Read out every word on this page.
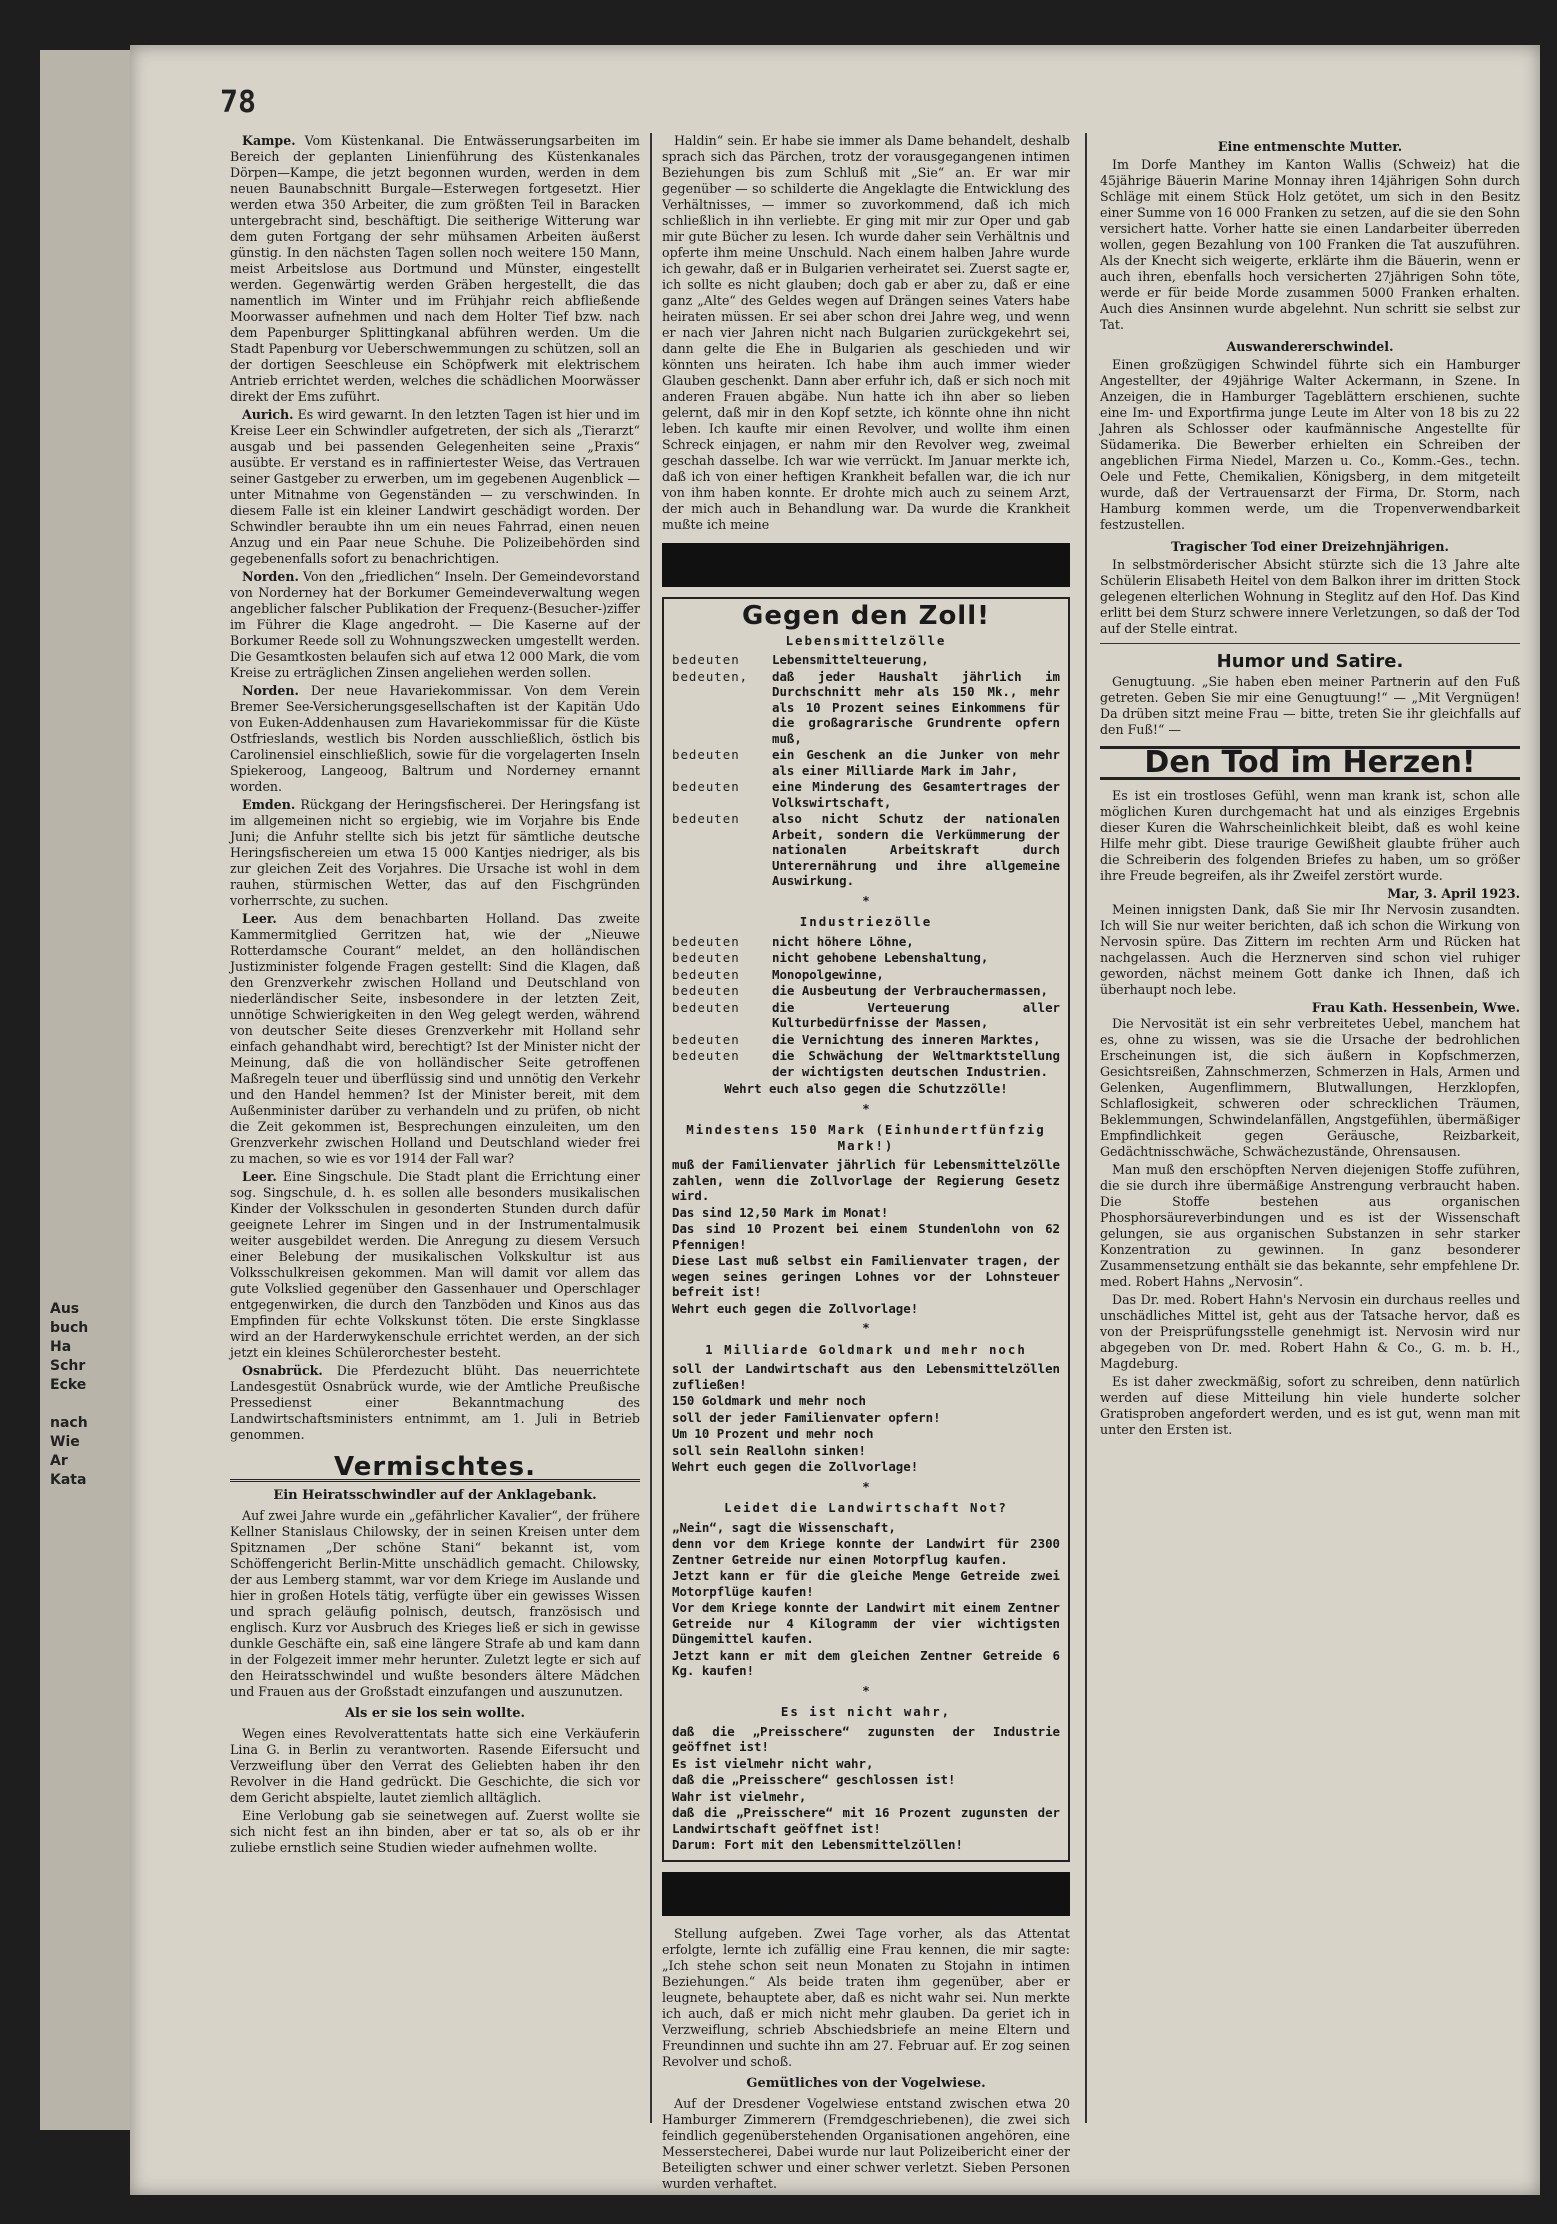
Aus
buch
Ha
Schr
Ecke
nach
Wie
Ar
Kata
78

Kampe. Vom Küstenkanal. Die Entwässerungsarbeiten im Bereich der geplanten Linienführung des Küstenkanales Dörpen—Kampe, die jetzt begonnen wurden, werden in dem neuen Baunabschnitt Burgale—Esterwegen fortgesetzt. Hier werden etwa 350 Arbeiter, die zum größten Teil in Baracken untergebracht sind, beschäftigt. Die seitherige Witterung war dem guten Fortgang der sehr mühsamen Arbeiten äußerst günstig. In den nächsten Tagen sollen noch weitere 150 Mann, meist Arbeitslose aus Dortmund und Münster, eingestellt werden. Gegenwärtig werden Gräben hergestellt, die das namentlich im Winter und im Frühjahr reich abfließende Moorwasser aufnehmen und nach dem Holter Tief bzw. nach dem Papenburger Splittingkanal abführen werden. Um die Stadt Papenburg vor Ueberschwemmungen zu schützen, soll an der dortigen Seeschleuse ein Schöpfwerk mit elektrischem Antrieb errichtet werden, welches die schädlichen Moorwässer direkt der Ems zuführt.

Aurich. Es wird gewarnt. In den letzten Tagen ist hier und im Kreise Leer ein Schwindler aufgetreten, der sich als „Tierarzt“ ausgab und bei passenden Gelegenheiten seine „Praxis“ ausübte. Er verstand es in raffiniertester Weise, das Vertrauen seiner Gastgeber zu erwerben, um im gegebenen Augenblick — unter Mitnahme von Gegenständen — zu verschwinden. In diesem Falle ist ein kleiner Landwirt geschädigt worden. Der Schwindler beraubte ihn um ein neues Fahrrad, einen neuen Anzug und ein Paar neue Schuhe. Die Polizeibehörden sind gegebenenfalls sofort zu benachrichtigen.

Norden. Von den „friedlichen“ Inseln. Der Gemeindevorstand von Norderney hat der Borkumer Gemeindeverwaltung wegen angeblicher falscher Publikation der Frequenz-(Besucher-)ziffer im Führer die Klage angedroht. — Die Kaserne auf der Borkumer Reede soll zu Wohnungszwecken umgestellt werden. Die Gesamtkosten belaufen sich auf etwa 12 000 Mark, die vom Kreise zu erträglichen Zinsen angeliehen werden sollen.

Norden. Der neue Havariekommissar. Von dem Verein Bremer See-Versicherungsgesellschaften ist der Kapitän Udo von Euken-Addenhausen zum Havariekommissar für die Küste Ostfrieslands, westlich bis Norden ausschließlich, östlich bis Carolinensiel einschließlich, sowie für die vorgelagerten Inseln Spiekeroog, Langeoog, Baltrum und Norderney ernannt worden.

Emden. Rückgang der Heringsfischerei. Der Heringsfang ist im allgemeinen nicht so ergiebig, wie im Vorjahre bis Ende Juni; die Anfuhr stellte sich bis jetzt für sämtliche deutsche Heringsfischereien um etwa 15 000 Kantjes niedriger, als bis zur gleichen Zeit des Vorjahres. Die Ursache ist wohl in dem rauhen, stürmischen Wetter, das auf den Fischgründen vorherrschte, zu suchen.

Leer. Aus dem benachbarten Holland. Das zweite Kammermitglied Gerritzen hat, wie der „Nieuwe Rotterdamsche Courant“ meldet, an den holländischen Justizminister folgende Fragen gestellt: Sind die Klagen, daß den Grenzverkehr zwischen Holland und Deutschland von niederländischer Seite, insbesondere in der letzten Zeit, unnötige Schwierigkeiten in den Weg gelegt werden, während von deutscher Seite dieses Grenzverkehr mit Holland sehr einfach gehandhabt wird, berechtigt? Ist der Minister nicht der Meinung, daß die von holländischer Seite getroffenen Maßregeln teuer und überflüssig sind und unnötig den Verkehr und den Handel hemmen? Ist der Minister bereit, mit dem Außenminister darüber zu verhandeln und zu prüfen, ob nicht die Zeit gekommen ist, Besprechungen einzuleiten, um den Grenzverkehr zwischen Holland und Deutschland wieder frei zu machen, so wie es vor 1914 der Fall war?

Leer. Eine Singschule. Die Stadt plant die Errichtung einer sog. Singschule, d. h. es sollen alle besonders musikalischen Kinder der Volksschulen in gesonderten Stunden durch dafür geeignete Lehrer im Singen und in der Instrumentalmusik weiter ausgebildet werden. Die Anregung zu diesem Versuch einer Belebung der musikalischen Volkskultur ist aus Volksschulkreisen gekommen. Man will damit vor allem das gute Volkslied gegenüber den Gassenhauer und Operschlager entgegenwirken, die durch den Tanzböden und Kinos aus das Empfinden für echte Volkskunst töten. Die erste Singklasse wird an der Harderwykenschule errichtet werden, an der sich jetzt ein kleines Schülerorchester besteht.

Osnabrück. Die Pferdezucht blüht. Das neuerrichtete Landesgestüt Osnabrück wurde, wie der Amtliche Preußische Pressedienst einer Bekanntmachung des Landwirtschaftsministers entnimmt, am 1. Juli in Betrieb genommen.

Vermischtes.
Ein Heiratsschwindler auf der Anklagebank.

Auf zwei Jahre wurde ein „gefährlicher Kavalier“, der frühere Kellner Stanislaus Chilowsky, der in seinen Kreisen unter dem Spitznamen „Der schöne Stani“ bekannt ist, vom Schöffengericht Berlin-Mitte unschädlich gemacht. Chilowsky, der aus Lemberg stammt, war vor dem Kriege im Auslande und hier in großen Hotels tätig, verfügte über ein gewisses Wissen und sprach geläufig polnisch, deutsch, französisch und englisch. Kurz vor Ausbruch des Krieges ließ er sich in gewisse dunkle Geschäfte ein, saß eine längere Strafe ab und kam dann in der Folgezeit immer mehr herunter. Zuletzt legte er sich auf den Heiratsschwindel und wußte besonders ältere Mädchen und Frauen aus der Großstadt einzufangen und auszunutzen.

Als er sie los sein wollte.

Wegen eines Revolverattentats hatte sich eine Verkäuferin Lina G. in Berlin zu verantworten. Rasende Eifersucht und Verzweiflung über den Verrat des Geliebten haben ihr den Revolver in die Hand gedrückt. Die Geschichte, die sich vor dem Gericht abspielte, lautet ziemlich alltäglich.

Eine Verlobung gab sie seinetwegen auf. Zuerst wollte sie sich nicht fest an ihn binden, aber er tat so, als ob er ihr zuliebe ernstlich seine Studien wieder aufnehmen wollte.

Haldin“ sein. Er habe sie immer als Dame behandelt, deshalb sprach sich das Pärchen, trotz der vorausgegangenen intimen Beziehungen bis zum Schluß mit „Sie“ an. Er war mir gegenüber — so schilderte die Angeklagte die Entwicklung des Verhältnisses, — immer so zuvorkommend, daß ich mich schließlich in ihn verliebte. Er ging mit mir zur Oper und gab mir gute Bücher zu lesen. Ich wurde daher sein Verhältnis und opferte ihm meine Unschuld. Nach einem halben Jahre wurde ich gewahr, daß er in Bulgarien verheiratet sei. Zuerst sagte er, ich sollte es nicht glauben; doch gab er aber zu, daß er eine ganz „Alte“ des Geldes wegen auf Drängen seines Vaters habe heiraten müssen. Er sei aber schon drei Jahre weg, und wenn er nach vier Jahren nicht nach Bulgarien zurückgekehrt sei, dann gelte die Ehe in Bulgarien als geschieden und wir könnten uns heiraten. Ich habe ihm auch immer wieder Glauben geschenkt. Dann aber erfuhr ich, daß er sich noch mit anderen Frauen abgäbe. Nun hatte ich ihn aber so lieben gelernt, daß mir in den Kopf setzte, ich könnte ohne ihn nicht leben. Ich kaufte mir einen Revolver, und wollte ihm einen Schreck einjagen, er nahm mir den Revolver weg, zweimal geschah dasselbe. Ich war wie verrückt. Im Januar merkte ich, daß ich von einer heftigen Krankheit befallen war, die ich nur von ihm haben konnte. Er drohte mich auch zu seinem Arzt, der mich auch in Behandlung war. Da wurde die Krankheit mußte ich meine

Gegen den Zoll!
Lebensmittelzölle
bedeuten	Lebensmittelteuerung,
bedeuten,	daß jeder Haushalt jährlich im Durchschnitt mehr als 150 Mk., mehr als 10 Prozent seines Einkommens für die großagrarische Grundrente opfern muß,
bedeuten	ein Geschenk an die Junker von mehr als einer Milliarde Mark im Jahr,
bedeuten	eine Minderung des Gesamtertrages der Volkswirtschaft,
bedeuten	also nicht Schutz der nationalen Arbeit, sondern die Verkümmerung der nationalen Arbeitskraft durch Unterernährung und ihre allgemeine Auswirkung.
*
Industriezölle
bedeuten	nicht höhere Löhne,
bedeuten	nicht gehobene Lebenshaltung,
bedeuten	Monopolgewinne,
bedeuten	die Ausbeutung der Verbrauchermassen,
bedeuten	die Verteuerung aller Kulturbedürfnisse der Massen,
bedeuten	die Vernichtung des inneren Marktes,
bedeuten	die Schwächung der Weltmarktstellung der wichtigsten deutschen Industrien.
Wehrt euch also gegen die Schutzzölle!
*
Mindestens 150 Mark (Einhundertfünfzig Mark!)
muß der Familienvater jährlich für Lebensmittelzölle zahlen, wenn die Zollvorlage der Regierung Gesetz wird.
Das sind 12,50 Mark im Monat!
Das sind 10 Prozent bei einem Stundenlohn von 62 Pfennigen!
Diese Last muß selbst ein Familienvater tragen, der wegen seines geringen Lohnes vor der Lohnsteuer befreit ist!
Wehrt euch gegen die Zollvorlage!
*
1 Milliarde Goldmark und mehr noch
soll der Landwirtschaft aus den Lebensmittelzöllen zufließen!
150 Goldmark und mehr noch
soll der jeder Familienvater opfern!
Um 10 Prozent und mehr noch
soll sein Reallohn sinken!
Wehrt euch gegen die Zollvorlage!
*
Leidet die Landwirtschaft Not?
„Nein“, sagt die Wissenschaft,
denn vor dem Kriege konnte der Landwirt für 2300 Zentner Getreide nur einen Motorpflug kaufen.
Jetzt kann er für die gleiche Menge Getreide zwei Motorpflüge kaufen!
Vor dem Kriege konnte der Landwirt mit einem Zentner Getreide nur 4 Kilogramm der vier wichtigsten Düngemittel kaufen.
Jetzt kann er mit dem gleichen Zentner Getreide 6 Kg. kaufen!
*
Es ist nicht wahr,
daß die „Preisschere“ zugunsten der Industrie geöffnet ist!
Es ist vielmehr nicht wahr,
daß die „Preisschere“ geschlossen ist!
Wahr ist vielmehr,
daß die „Preisschere“ mit 16 Prozent zugunsten der Landwirtschaft geöffnet ist!
Darum: Fort mit den Lebensmittelzöllen!

Stellung aufgeben. Zwei Tage vorher, als das Attentat erfolgte, lernte ich zufällig eine Frau kennen, die mir sagte: „Ich stehe schon seit neun Monaten zu Stojahn in intimen Beziehungen.“ Als beide traten ihm gegenüber, aber er leugnete, behauptete aber, daß es nicht wahr sei. Nun merkte ich auch, daß er mich nicht mehr glauben. Da geriet ich in Verzweiflung, schrieb Abschiedsbriefe an meine Eltern und Freundinnen und suchte ihn am 27. Februar auf. Er zog seinen Revolver und schoß.

Gemütliches von der Vogelwiese.

Auf der Dresdener Vogelwiese entstand zwischen etwa 20 Hamburger Zimmerern (Fremdgeschriebenen), die zwei sich feindlich gegenüberstehenden Organisationen angehören, eine Messerstecherei, Dabei wurde nur laut Polizeibericht einer der Beteiligten schwer und einer schwer verletzt. Sieben Personen wurden verhaftet.

Eine entmenschte Mutter.

Im Dorfe Manthey im Kanton Wallis (Schweiz) hat die 45jährige Bäuerin Marine Monnay ihren 14jährigen Sohn durch Schläge mit einem Stück Holz getötet, um sich in den Besitz einer Summe von 16 000 Franken zu setzen, auf die sie den Sohn versichert hatte. Vorher hatte sie einen Landarbeiter überreden wollen, gegen Bezahlung von 100 Franken die Tat auszuführen. Als der Knecht sich weigerte, erklärte ihm die Bäuerin, wenn er auch ihren, ebenfalls hoch versicherten 27jährigen Sohn töte, werde er für beide Morde zusammen 5000 Franken erhalten. Auch dies Ansinnen wurde abgelehnt. Nun schritt sie selbst zur Tat.

Auswandererschwindel.

Einen großzügigen Schwindel führte sich ein Hamburger Angestellter, der 49jährige Walter Ackermann, in Szene. In Anzeigen, die in Hamburger Tageblättern erschienen, suchte eine Im- und Exportfirma junge Leute im Alter von 18 bis zu 22 Jahren als Schlosser oder kaufmännische Angestellte für Südamerika. Die Bewerber erhielten ein Schreiben der angeblichen Firma Niedel, Marzen u. Co., Komm.-Ges., techn. Oele und Fette, Chemikalien, Königsberg, in dem mitgeteilt wurde, daß der Vertrauensarzt der Firma, Dr. Storm, nach Hamburg kommen werde, um die Tropenverwendbarkeit festzustellen.

Tragischer Tod einer Dreizehnjährigen.

In selbstmörderischer Absicht stürzte sich die 13 Jahre alte Schülerin Elisabeth Heitel von dem Balkon ihrer im dritten Stock gelegenen elterlichen Wohnung in Steglitz auf den Hof. Das Kind erlitt bei dem Sturz schwere innere Verletzungen, so daß der Tod auf der Stelle eintrat.

Humor und Satire.

Genugtuung. „Sie haben eben meiner Partnerin auf den Fuß getreten. Geben Sie mir eine Genugtuung!“ — „Mit Vergnügen! Da drüben sitzt meine Frau — bitte, treten Sie ihr gleichfalls auf den Fuß!“ —

Den Tod im Herzen!

Es ist ein trostloses Gefühl, wenn man krank ist, schon alle möglichen Kuren durchgemacht hat und als einziges Ergebnis dieser Kuren die Wahrscheinlichkeit bleibt, daß es wohl keine Hilfe mehr gibt. Diese traurige Gewißheit glaubte früher auch die Schreiberin des folgenden Briefes zu haben, um so größer ihre Freude begreifen, als ihr Zweifel zerstört wurde.

Mar, 3. April 1923.

Meinen innigsten Dank, daß Sie mir Ihr Nervosin zusandten. Ich will Sie nur weiter berichten, daß ich schon die Wirkung von Nervosin spüre. Das Zittern im rechten Arm und Rücken hat nachgelassen. Auch die Herznerven sind schon viel ruhiger geworden, nächst meinem Gott danke ich Ihnen, daß ich überhaupt noch lebe.

Frau Kath. Hessenbein, Wwe.

Die Nervosität ist ein sehr verbreitetes Uebel, manchem hat es, ohne zu wissen, was sie die Ursache der bedrohlichen Erscheinungen ist, die sich äußern in Kopfschmerzen, Gesichtsreißen, Zahnschmerzen, Schmerzen in Hals, Armen und Gelenken, Augenflimmern, Blutwallungen, Herzklopfen, Schlaflosigkeit, schweren oder schrecklichen Träumen, Beklemmungen, Schwindelanfällen, Angstgefühlen, übermäßiger Empfindlichkeit gegen Geräusche, Reizbarkeit, Gedächtnisschwäche, Schwächezustände, Ohrensausen.

Man muß den erschöpften Nerven diejenigen Stoffe zuführen, die sie durch ihre übermäßige Anstrengung verbraucht haben. Die Stoffe bestehen aus organischen Phosphorsäureverbindungen und es ist der Wissenschaft gelungen, sie aus organischen Substanzen in sehr starker Konzentration zu gewinnen. In ganz besonderer Zusammensetzung enthält sie das bekannte, sehr empfehlene Dr. med. Robert Hahns „Nervosin“.

Das Dr. med. Robert Hahn's Nervosin ein durchaus reelles und unschädliches Mittel ist, geht aus der Tatsache hervor, daß es von der Preisprüfungsstelle genehmigt ist. Nervosin wird nur abgegeben von Dr. med. Robert Hahn & Co., G. m. b. H., Magdeburg.

Es ist daher zweckmäßig, sofort zu schreiben, denn natürlich werden auf diese Mitteilung hin viele hunderte solcher Gratisproben angefordert werden, und es ist gut, wenn man mit unter den Ersten ist.
